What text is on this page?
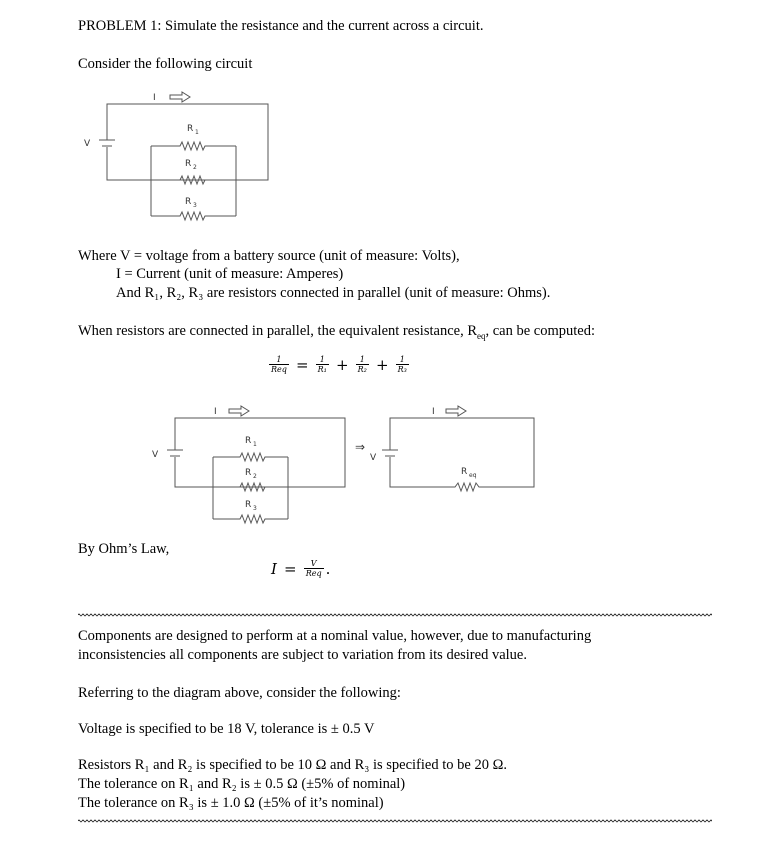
PROBLEM 1: Simulate the resistance and the current across a circuit.
Consider the following circuit
I
V
R 1
R 2
R 3
Where V = voltage from a battery source (unit of measure: Volts),
I = Current (unit of measure: Amperes)
And R₁, R₂, R₃ are resistors connected in parallel (unit of measure: Ohms).
When resistors are connected in parallel, the equivalent resistance, $R_{eq}$, can be computed:
$\frac{1}{\text{Req}} = \frac{1}{\text{R₁}} + \frac{1}{\text{R₂}} + \frac{1}{\text{R₃}}$
I
V
R 1
R 2
R 3
⇒
V
I
R eq
By Ohm’s Law,
$I = \frac{V}{\text{Req}}$ .
Components are designed to perform at a nominal value, however, due to manufacturing
inconsistencies all components are subject to variation from its desired value.
Referring to the diagram above, consider the following:
Voltage is specified to be 18 V, tolerance is ± 0.5 V
Resistors R₁ and R₂ is specified to be 10 Ω and R₃ is specified to be 20 Ω.
The tolerance on R₁ and R₂ is ± 0.5 Ω (±5% of nominal)
The tolerance on R₃ is ± 1.0 Ω (±5% of it’s nominal)
